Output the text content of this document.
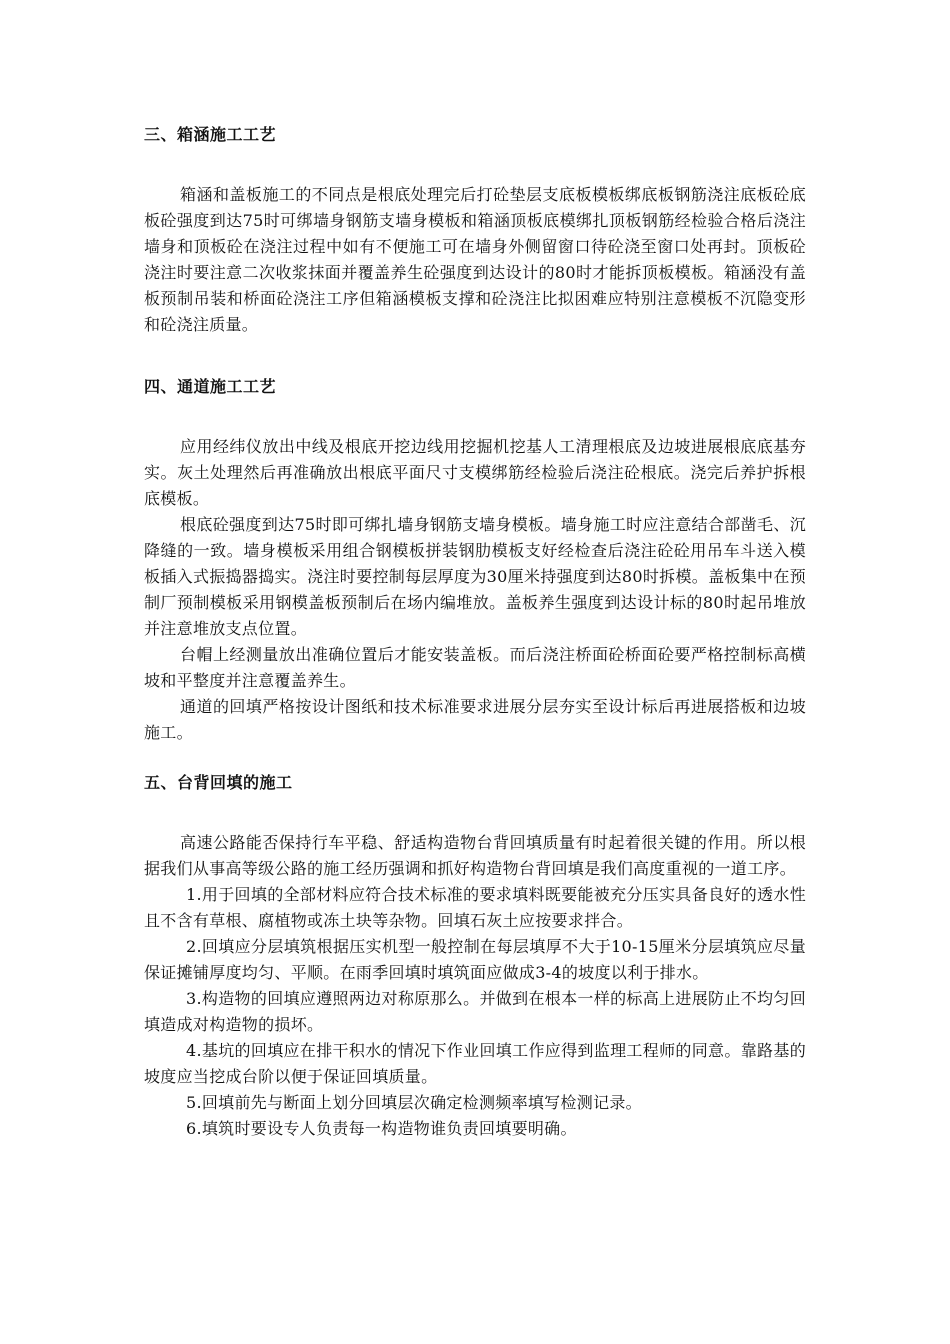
三、箱涵施工工艺

箱涵和盖板施工的不同点是根底处理完后打砼垫层支底板模板绑底板钢筋浇注底板砼底板砼强度到达75时可绑墙身钢筋支墙身模板和箱涵顶板底模绑扎顶板钢筋经检验合格后浇注墙身和顶板砼在浇注过程中如有不便施工可在墙身外侧留窗口待砼浇至窗口处再封。顶板砼浇注时要注意二次收浆抹面并覆盖养生砼强度到达设计的80时才能拆顶板模板。箱涵没有盖板预制吊装和桥面砼浇注工序但箱涵模板支撑和砼浇注比拟困难应特别注意模板不沉隐变形和砼浇注质量。

四、通道施工工艺

应用经纬仪放出中线及根底开挖边线用挖掘机挖基人工清理根底及边坡进展根底底基夯实。灰土处理然后再准确放出根底平面尺寸支模绑筋经检验后浇注砼根底。浇完后养护拆根底模板。

根底砼强度到达75时即可绑扎墙身钢筋支墙身模板。墙身施工时应注意结合部凿毛、沉降缝的一致。墙身模板采用组合钢模板拼装钢肋模板支好经检查后浇注砼砼用吊车斗送入模板插入式振捣器捣实。浇注时要控制每层厚度为30厘米持强度到达80时拆模。盖板集中在预制厂预制模板采用钢模盖板预制后在场内编堆放。盖板养生强度到达设计标的80时起吊堆放并注意堆放支点位置。

台帽上经测量放出准确位置后才能安装盖板。而后浇注桥面砼桥面砼要严格控制标高横坡和平整度并注意覆盖养生。

通道的回填严格按设计图纸和技术标准要求进展分层夯实至设计标后再进展搭板和边坡施工。

五、台背回填的施工

高速公路能否保持行车平稳、舒适构造物台背回填质量有时起着很关键的作用。所以根据我们从事高等级公路的施工经历强调和抓好构造物台背回填是我们高度重视的一道工序。

1.用于回填的全部材料应符合技术标准的要求填料既要能被充分压实具备良好的透水性且不含有草根、腐植物或冻土块等杂物。回填石灰土应按要求拌合。

2.回填应分层填筑根据压实机型一般控制在每层填厚不大于10-15厘米分层填筑应尽量保证摊铺厚度均匀、平顺。在雨季回填时填筑面应做成3-4的坡度以利于排水。

3.构造物的回填应遵照两边对称原那么。并做到在根本一样的标高上进展防止不均匀回填造成对构造物的损坏。

4.基坑的回填应在排干积水的情况下作业回填工作应得到监理工程师的同意。靠路基的坡度应当挖成台阶以便于保证回填质量。

5.回填前先与断面上划分回填层次确定检测频率填写检测记录。

6.填筑时要设专人负责每一构造物谁负责回填要明确。
